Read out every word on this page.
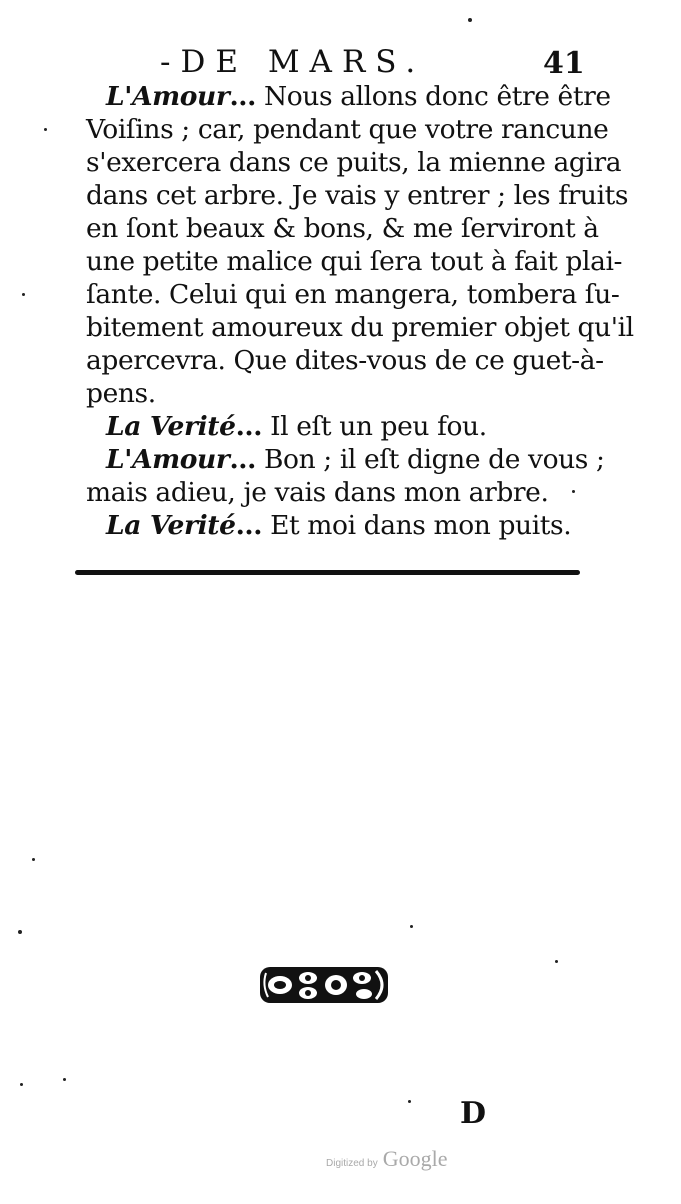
-DE MARS.	41
L'Amour... Nous allons donc être être
Voiſins ; car, pendant que votre rancune
s'exercera dans ce puits, la mienne agira
dans cet arbre. Je vais y entrer ; les fruits
en ſont beaux & bons, & me ſerviront à
une petite malice qui ſera tout à fait plai-
ſante. Celui qui en mangera, tombera ſu-
bitement amoureux du premier objet qu'il
apercevra. Que dites-vous de ce guet-à-
pens.
La Verité... Il eſt un peu fou.
L'Amour... Bon ; il eſt digne de vous ;
mais adieu, je vais dans mon arbre.
La Verité... Et moi dans mon puits.
D
Digitized by Google
